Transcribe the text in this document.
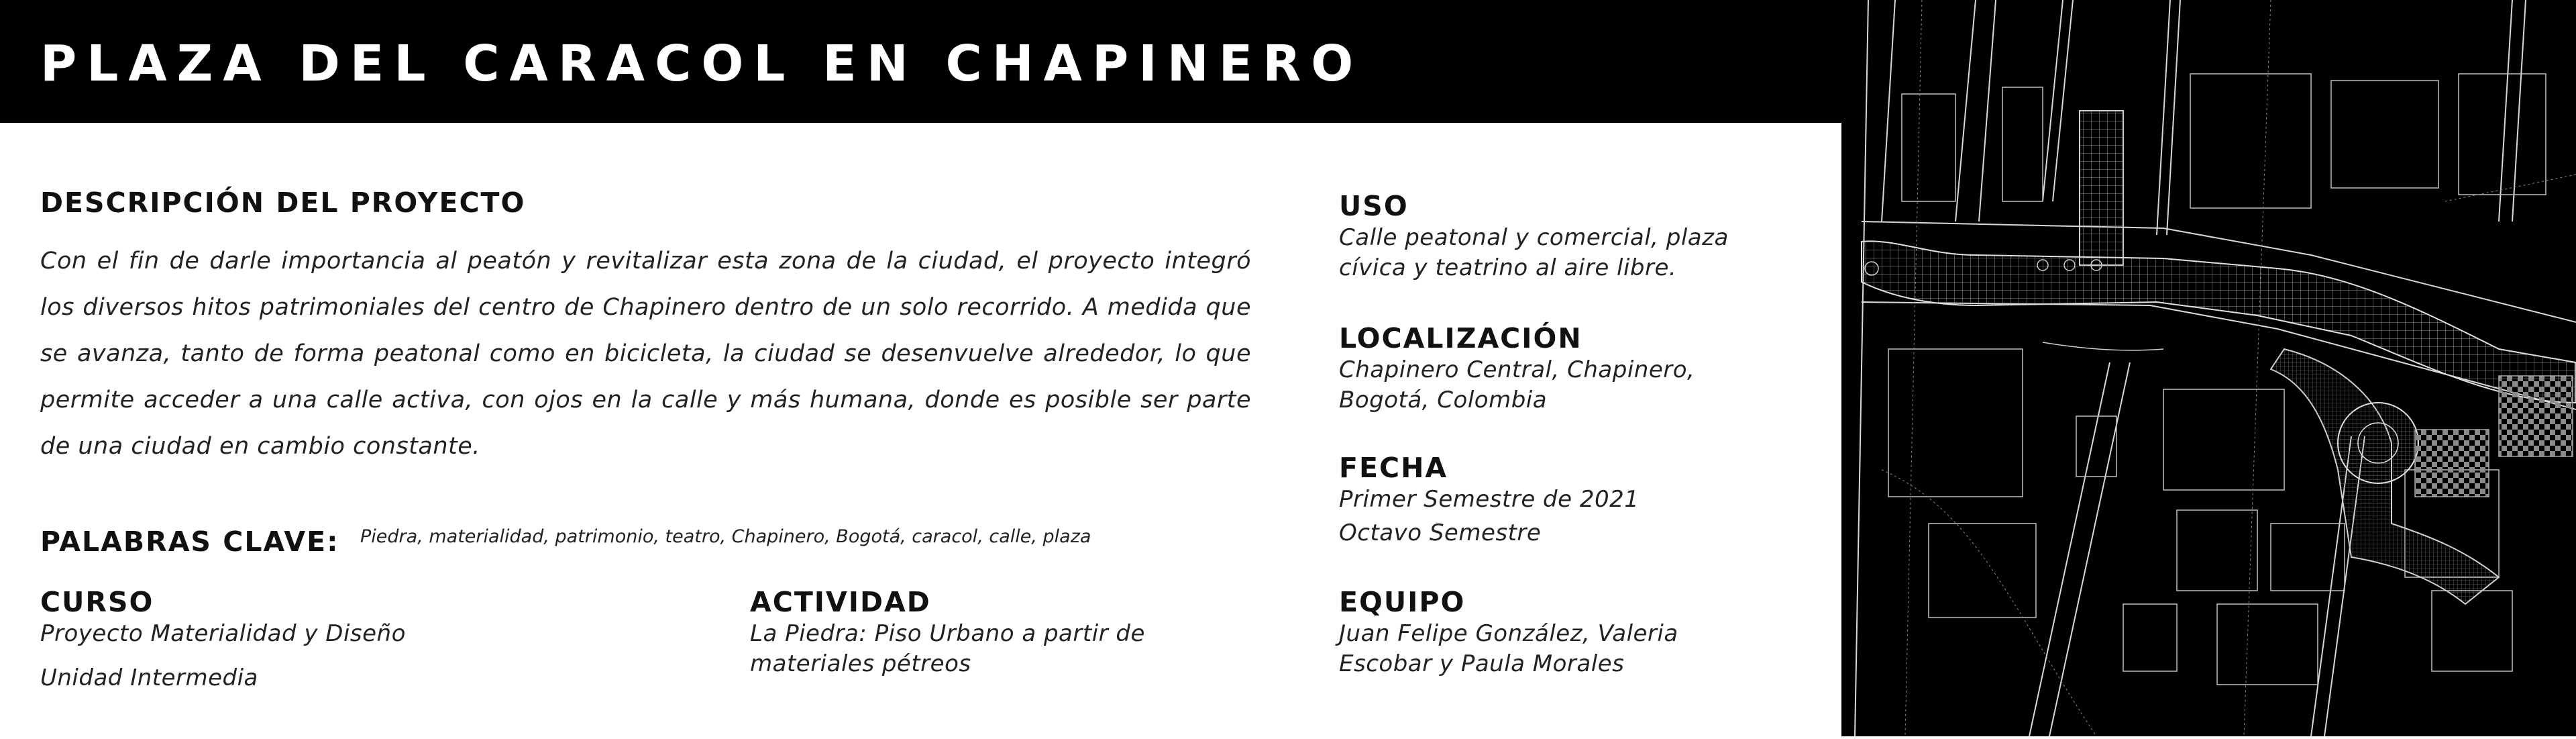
PLAZA DEL CARACOL EN CHAPINERO
DESCRIPCIÓN DEL PROYECTO

Con el fin de darle importancia al peatón y revitalizar esta zona de la ciudad, el proyecto integró los diversos hitos patrimoniales del centro de Chapinero dentro de un solo recorrido. A medida que se avanza, tanto de forma peatonal como en bicicleta, la ciudad se desenvuelve alrededor, lo que permite acceder a una calle activa, con ojos en la calle y más humana, donde es posible ser parte de una ciudad en cambio constante.

PALABRAS CLAVE: Piedra, materialidad, patrimonio, teatro, Chapinero, Bogotá, caracol, calle, plaza
CURSO
Proyecto Materialidad y Diseño
Unidad Intermedia
ACTIVIDAD
La Piedra: Piso Urbano a partir de
materiales pétreos
USO
Calle peatonal y comercial, plaza
cívica y teatrino al aire libre.
LOCALIZACIÓN
Chapinero Central, Chapinero,
Bogotá, Colombia
FECHA
Primer Semestre de 2021
Octavo Semestre
EQUIPO
Juan Felipe González, Valeria
Escobar y Paula Morales
